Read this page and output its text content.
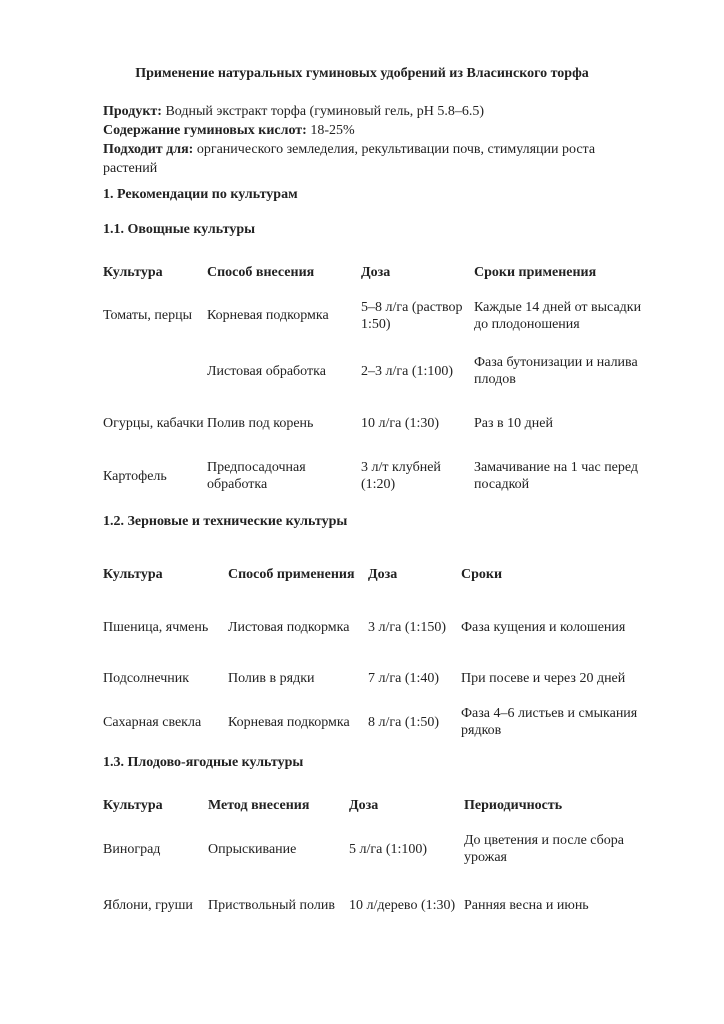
Применение натуральных гуминовых удобрений из Власинского торфа
Продукт: Водный экстракт торфа (гуминовый гель, pH 5.8–6.5)
Содержание гуминовых кислот: 18-25%
Подходит для: органического земледелия, рекультивации почв, стимуляции роста растений
1. Рекомендации по культурам
1.1. Овощные культуры
Культура	Способ внесения	Доза	Сроки применения
Томаты, перцы	Корневая подкормка	5–8 л/га (раствор 1:50)	Каждые 14 дней от высадки до плодоношения
	Листовая обработка	2–3 л/га (1:100)	Фаза бутонизации и налива плодов
Огурцы, кабачки	Полив под корень	10 л/га (1:30)	Раз в 10 дней
Картофель	Предпосадочная обработка	3 л/т клубней (1:20)	Замачивание на 1 час перед посадкой
1.2. Зерновые и технические культуры
Культура	Способ применения	Доза	Сроки
Пшеница, ячмень	Листовая подкормка	3 л/га (1:150)	Фаза кущения и колошения
Подсолнечник	Полив в рядки	7 л/га (1:40)	При посеве и через 20 дней
Сахарная свекла	Корневая подкормка	8 л/га (1:50)	Фаза 4–6 листьев и смыкания рядков
1.3. Плодово-ягодные культуры
Культура	Метод внесения	Доза	Периодичность
Виноград	Опрыскивание	5 л/га (1:100)	До цветения и после сбора урожая
Яблони, груши	Приствольный полив	10 л/дерево (1:30)	Ранняя весна и июнь
